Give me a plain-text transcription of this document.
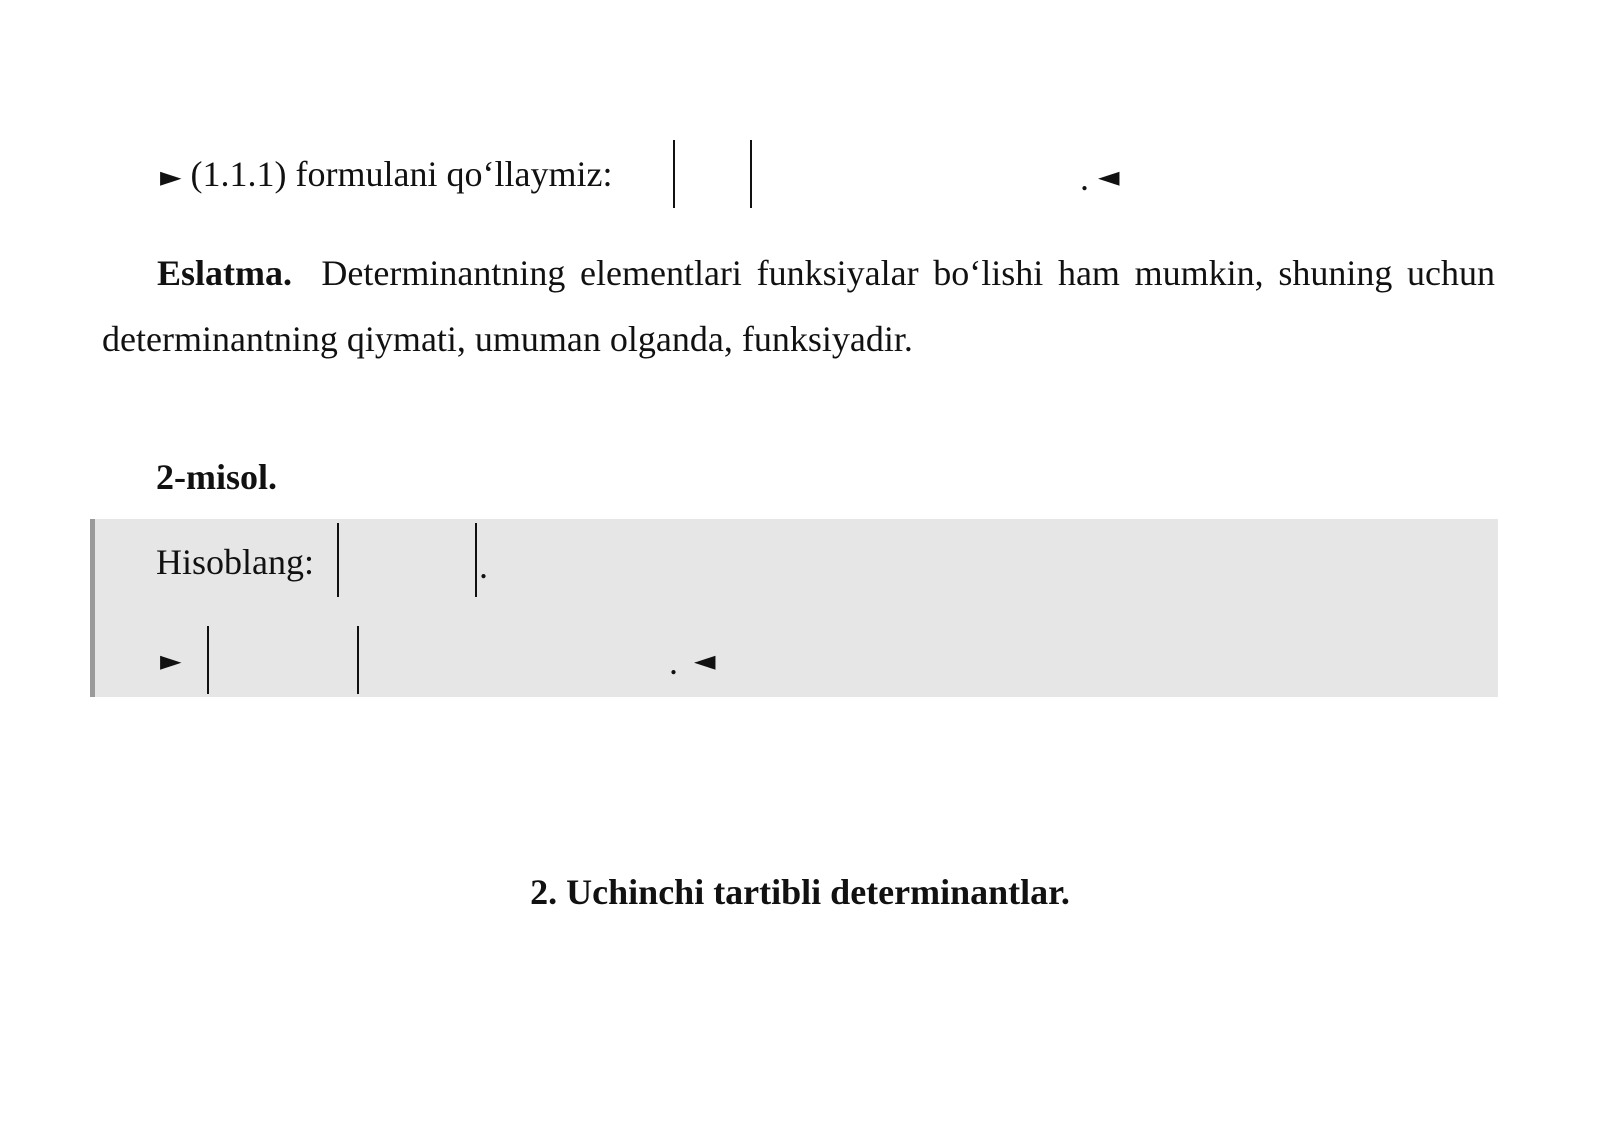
► (1.1.1) formulani qo‘llaymiz:	. ◄
Eslatma. Determinantning elementlari funksiyalar bo‘lishi ham mumkin, shuning uchun determinantning qiymati, umuman olganda, funksiyadir.
2-misol.
Hisoblang:	.
►	. ◄
2. Uchinchi tartibli determinantlar.
